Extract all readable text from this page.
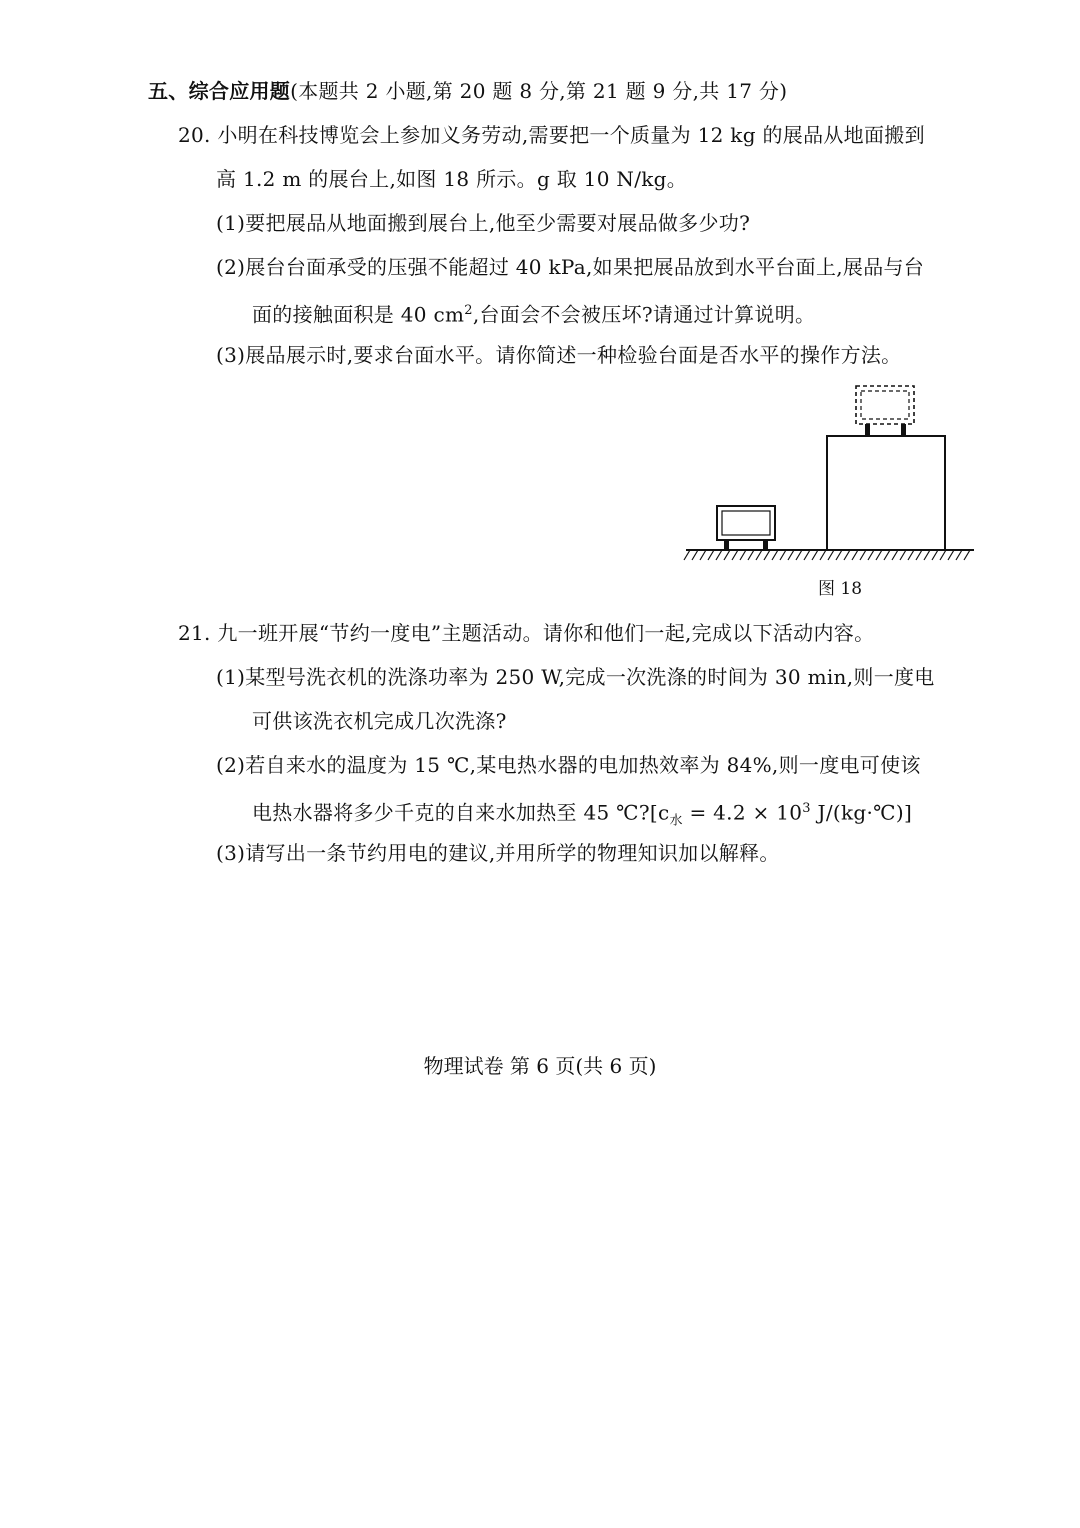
五、综合应用题(本题共 2 小题,第 20 题 8 分,第 21 题 9 分,共 17 分)
20. 小明在科技博览会上参加义务劳动,需要把一个质量为 12 kg 的展品从地面搬到
高 1.2 m 的展台上,如图 18 所示。g 取 10 N/kg。
(1)要把展品从地面搬到展台上,他至少需要对展品做多少功?
(2)展台台面承受的压强不能超过 40 kPa,如果把展品放到水平台面上,展品与台
面的接触面积是 40 $cm^2$,台面会不会被压坏?请通过计算说明。
(3)展品展示时,要求台面水平。请你简述一种检验台面是否水平的操作方法。
图 18
21. 九一班开展“节约一度电”主题活动。请你和他们一起,完成以下活动内容。
(1)某型号洗衣机的洗涤功率为 250 W,完成一次洗涤的时间为 30 min,则一度电
可供该洗衣机完成几次洗涤?
(2)若自来水的温度为 15 ℃,某电热水器的电加热效率为 84%,则一度电可使该
电热水器将多少千克的自来水加热至 45 $℃?[c_水 = 4.2 \times 10^3$ J/(kg·℃)]
(3)请写出一条节约用电的建议,并用所学的物理知识加以解释。
物理试卷 第 6 页(共 6 页)
